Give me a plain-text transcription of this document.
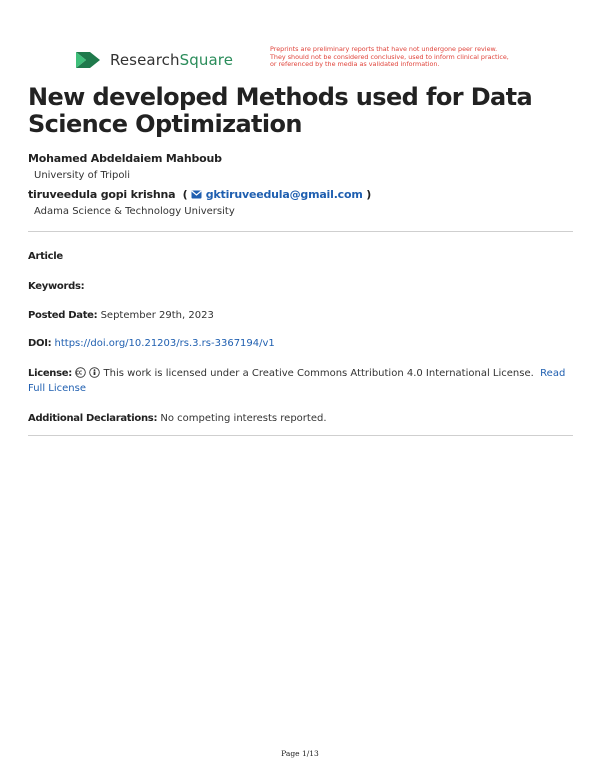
ResearchSquare
Preprints are preliminary reports that have not undergone peer review.
They should not be considered conclusive, used to inform clinical practice,
or referenced by the media as validated information.
New developed Methods used for Data Science Optimization
Mohamed Abdeldaiem Mahboub
University of Tripoli
tiruveedula gopi krishna  (  gktiruveedula@gmail.com )
Adama Science & Technology University
Article
Keywords:
Posted Date: September 29th, 2023
DOI: https://doi.org/10.21203/rs.3.rs-3367194/v1
License:	This work is licensed under a Creative Commons Attribution 4.0 International License. Read Full License
Additional Declarations: No competing interests reported.
Page 1/13
